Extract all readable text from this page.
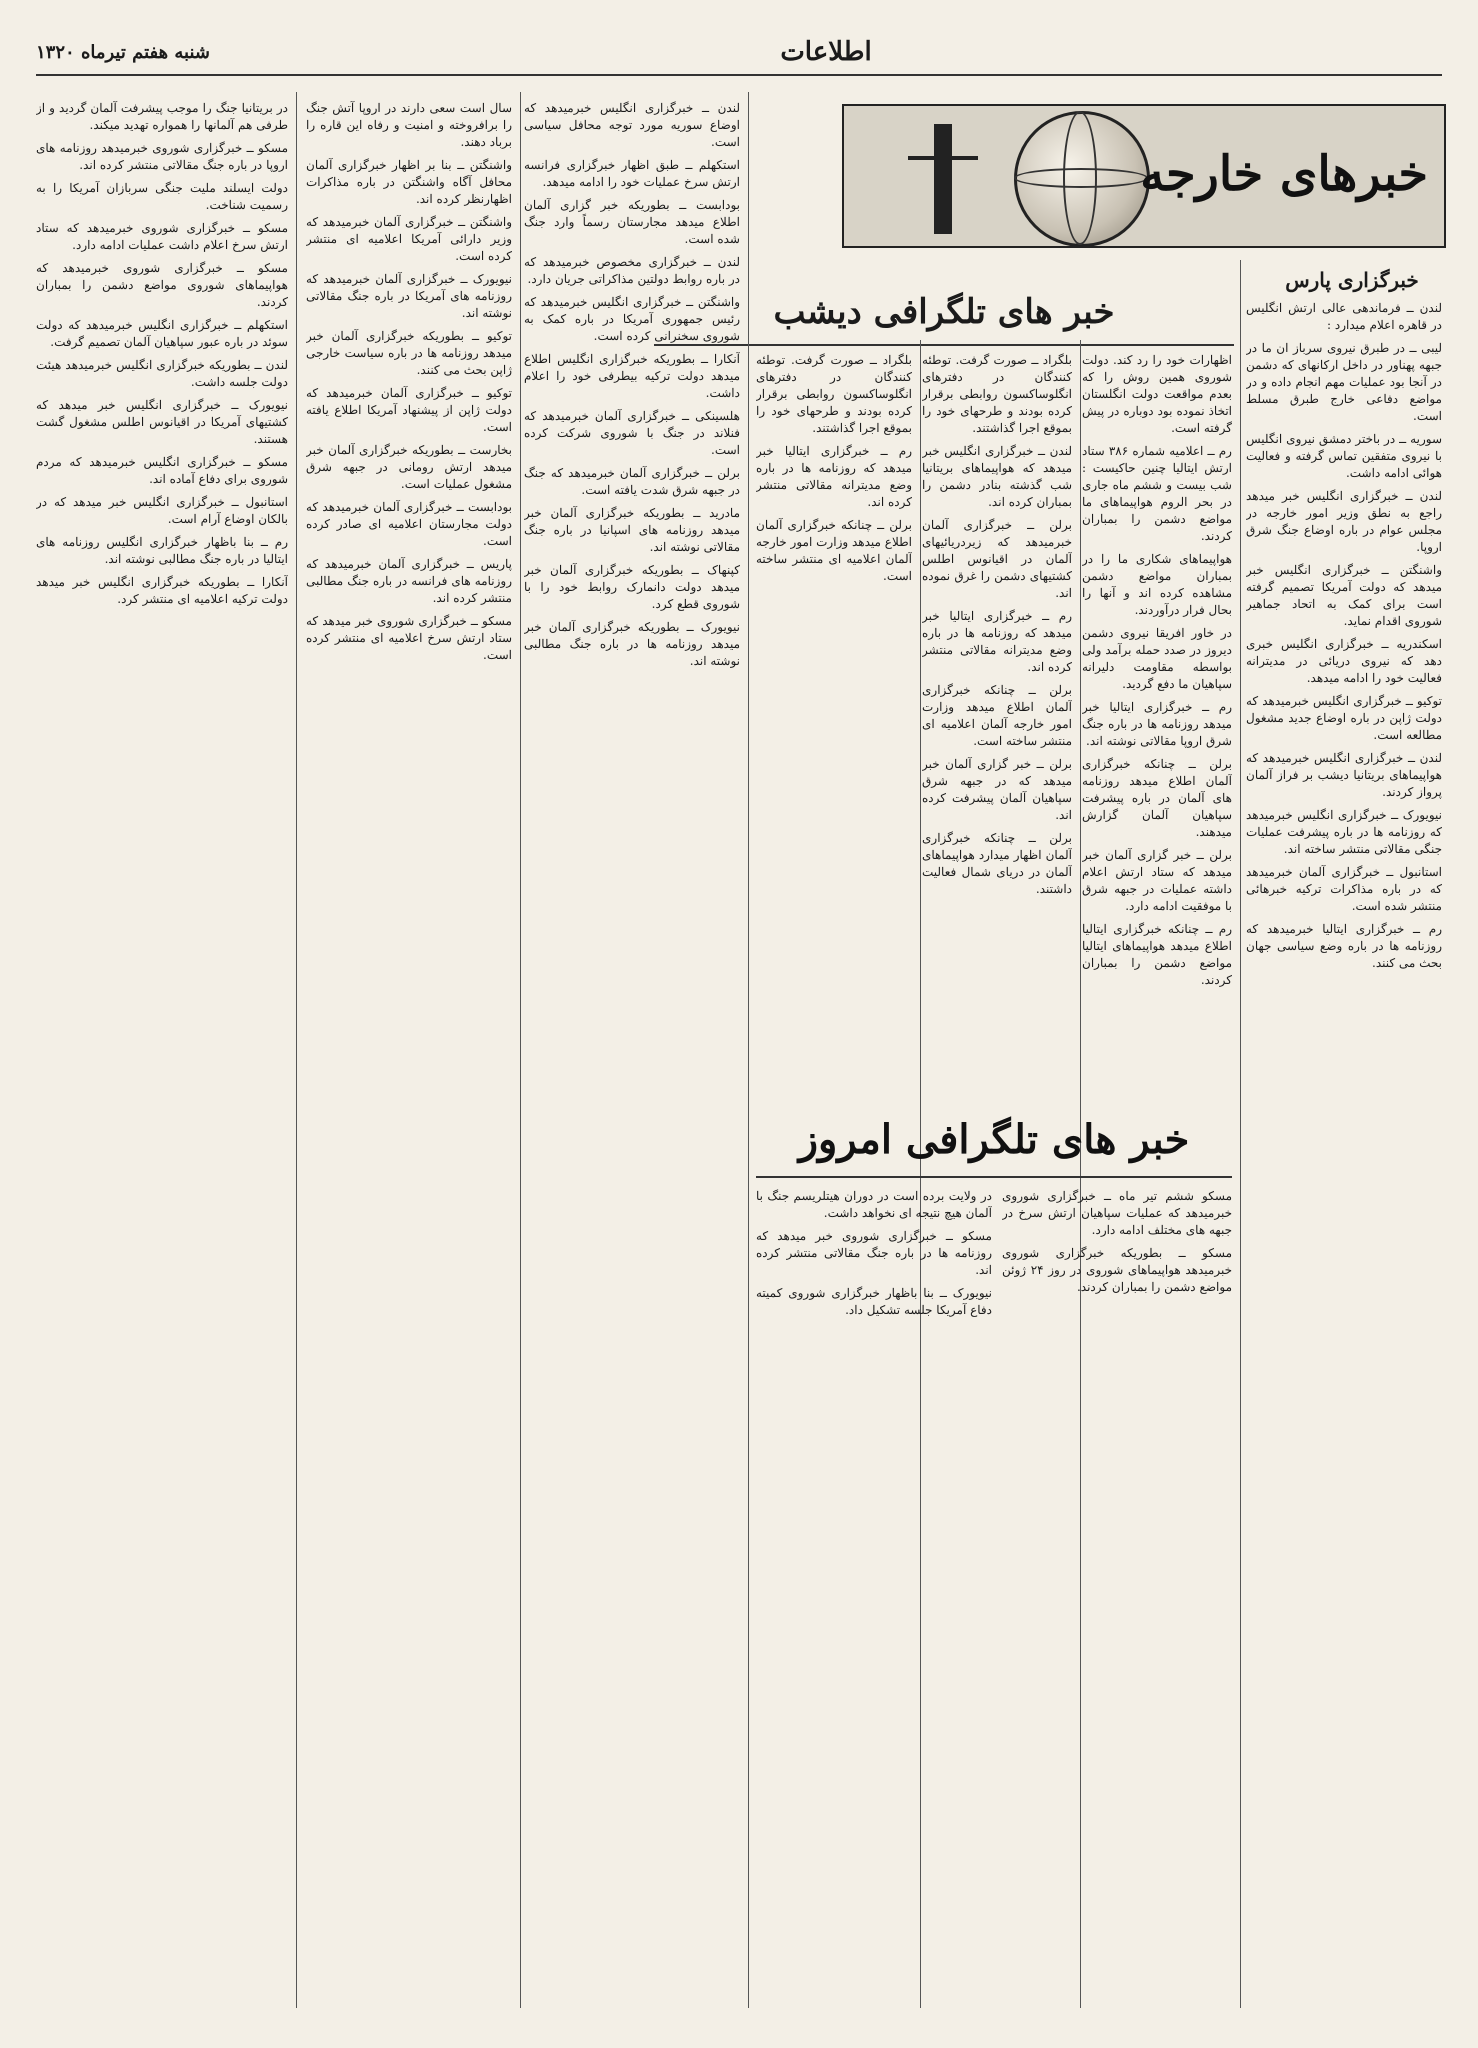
اطلاعات
شنبه هفتم تیرماه ۱۳۲۰
خبرهای خارجه
خبرگزاری پارس
خبر های تلگرافی دیشب	لندن ــ فرماندهی عالی ارتش انگلیس در قاهره اعلام میدارد :

لیبی ــ در طبرق نیروی سرباز ان ما در جبهه پهناور در داخل ارکانهای که دشمن در آنجا بود عملیات مهم انجام داده و در مواضع دفاعی خارج طبرق مسلط است.

سوریه ــ در باختر دمشق نیروی انگلیس با نیروی متفقین تماس گرفته و فعالیت هوائی ادامه داشت.

لندن ــ خبرگزاری انگلیس خبر میدهد راجع به نطق وزیر امور خارجه در مجلس عوام در باره اوضاع جنگ شرق اروپا.

واشنگتن ــ خبرگزاری انگلیس خبر میدهد که دولت آمریکا تصمیم گرفته است برای کمک به اتحاد جماهیر شوروی اقدام نماید.

اسکندریه ــ خبرگزاری انگلیس خبری دهد که نیروی دریائی در مدیترانه فعالیت خود را ادامه میدهد.

توکیو ــ خبرگزاری انگلیس خبرمیدهد که دولت ژاپن در باره اوضاع جدید مشغول مطالعه است.

لندن ــ خبرگزاری انگلیس خبرمیدهد که هواپیماهای بریتانیا دیشب بر فراز آلمان پرواز کردند.

نیویورک ــ خبرگزاری انگلیس خبرمیدهد که روزنامه ها در باره پیشرفت عملیات جنگی مقالاتی منتشر ساخته اند.

استانبول ــ خبرگزاری آلمان خبرمیدهد که در باره مذاکرات ترکیه خبرهائی منتشر شده است.

رم ــ خبرگزاری ایتالیا خبرمیدهد که روزنامه ها در باره وضع سیاسی جهان بحث می کنند.

اظهارات خود را رد کند. دولت شوروی همین روش را که بعدم مواقعت دولت انگلستان اتخاذ نموده بود دوباره در پیش گرفته است.

رم ــ اعلامیه شماره ۳۸۶ ستاد ارتش ایتالیا چنین حاکیست : شب بیست و ششم ماه جاری در بحر الروم هواپیماهای ما مواضع دشمن را بمباران کردند.

هواپیماهای شکاری ما را در بمباران مواضع دشمن مشاهده کرده اند و آنها را بحال فرار درآوردند.

در خاور افریقا نیروی دشمن دیروز در صدد حمله برآمد ولی بواسطه مقاومت دلیرانه سپاهیان ما دفع گردید.

رم ــ خبرگزاری ایتالیا خبر میدهد روزنامه ها در باره جنگ شرق اروپا مقالاتی نوشته اند.

برلن ــ چنانکه خبرگزاری آلمان اطلاع میدهد روزنامه های آلمان در باره پیشرفت سپاهیان آلمان گزارش میدهند.

برلن ــ خبر گزاری آلمان خبر میدهد که ستاد ارتش اعلام داشته عملیات در جبهه شرق با موفقیت ادامه دارد.

رم ــ چنانکه خبرگزاری ایتالیا اطلاع میدهد هواپیماهای ایتالیا مواضع دشمن را بمباران کردند.

بلگراد ــ صورت گرفت. توطئه کنندگان در دفترهای انگلوساکسون روابطی برقرار کرده بودند و طرحهای خود را بموقع اجرا گذاشتند.

لندن ــ خبرگزاری انگلیس خبر میدهد که هواپیماهای بریتانیا شب گذشته بنادر دشمن را بمباران کرده اند.

برلن ــ خبرگزاری آلمان خبرمیدهد که زیردریائیهای آلمان در اقیانوس اطلس کشتیهای دشمن را غرق نموده اند.

رم ــ خبرگزاری ایتالیا خبر میدهد که روزنامه ها در باره وضع مدیترانه مقالاتی منتشر کرده اند.

برلن ــ چنانکه خبرگزاری آلمان اطلاع میدهد وزارت امور خارجه آلمان اعلامیه ای منتشر ساخته است.

برلن ــ خبر گزاری آلمان خبر میدهد که در جبهه شرق سپاهیان آلمان پیشرفت کرده اند.

برلن ــ چنانکه خبرگزاری آلمان اظهار میدارد هواپیماهای آلمان در دریای شمال فعالیت داشتند.

بلگراد ــ صورت گرفت. توطئه کنندگان در دفترهای انگلوساکسون روابطی برقرار کرده بودند و طرحهای خود را بموقع اجرا گذاشتند.

رم ــ خبرگزاری ایتالیا خبر میدهد که روزنامه ها در باره وضع مدیترانه مقالاتی منتشر کرده اند.

برلن ــ چنانکه خبرگزاری آلمان اطلاع میدهد وزارت امور خارجه آلمان اعلامیه ای منتشر ساخته است.

خبر های تلگرافی امروز

مسکو ششم تیر ماه ــ خبرگزاری شوروی خبرمیدهد که عملیات سپاهیان ارتش سرخ در جبهه های مختلف ادامه دارد.

مسکو ــ بطوریکه خبرگزاری شوروی خبرمیدهد هواپیماهای شوروی در روز ۲۴ ژوئن مواضع دشمن را بمباران کردند.

در ولایت برده است در دوران هیتلریسم جنگ با آلمان هیچ نتیجه ای نخواهد داشت.

مسکو ــ خبرگزاری شوروی خبر میدهد که روزنامه ها در باره جنگ مقالاتی منتشر کرده اند.

نیویورک ــ بنا باظهار خبرگزاری شوروی کمیته دفاع آمریکا جلسه تشکیل داد.

لندن ــ خبرگزاری انگلیس خبرمیدهد که اوضاع سوریه مورد توجه محافل سیاسی است.

استکهلم ــ طبق اظهار خبرگزاری فرانسه ارتش سرخ عملیات خود را ادامه میدهد.

بودابست ــ بطوریکه خبر گزاری آلمان اطلاع میدهد مجارستان رسماً وارد جنگ شده است.

لندن ــ خبرگزاری مخصوص خبرمیدهد که در باره روابط دولتین مذاکراتی جریان دارد.

واشنگتن ــ خبرگزاری انگلیس خبرمیدهد که رئیس جمهوری آمریکا در باره کمک به شوروی سخنرانی کرده است.

آنکارا ــ بطوریکه خبرگزاری انگلیس اطلاع میدهد دولت ترکیه بیطرفی خود را اعلام داشت.

هلسینکی ــ خبرگزاری آلمان خبرمیدهد که فنلاند در جنگ با شوروی شرکت کرده است.

برلن ــ خبرگزاری آلمان خبرمیدهد که جنگ در جبهه شرق شدت یافته است.

مادرید ــ بطوریکه خبرگزاری آلمان خبر میدهد روزنامه های اسپانیا در باره جنگ مقالاتی نوشته اند.

کپنهاک ــ بطوریکه خبرگزاری آلمان خبر میدهد دولت دانمارک روابط خود را با شوروی قطع کرد.

نیویورک ــ بطوریکه خبرگزاری آلمان خبر میدهد روزنامه ها در باره جنگ مطالبی نوشته اند.

سال است سعی دارند در اروپا آتش جنگ را برافروخته و امنیت و رفاه این قاره را برباد دهند.

واشنگتن ــ بنا بر اظهار خبرگزاری آلمان محافل آگاه واشنگتن در باره مذاکرات اظهارنظر کرده اند.

واشنگتن ــ خبرگزاری آلمان خبرمیدهد که وزیر دارائی آمریکا اعلامیه ای منتشر کرده است.

نیویورک ــ خبرگزاری آلمان خبرمیدهد که روزنامه های آمریکا در باره جنگ مقالاتی نوشته اند.

توکیو ــ بطوریکه خبرگزاری آلمان خبر میدهد روزنامه ها در باره سیاست خارجی ژاپن بحث می کنند.

توکیو ــ خبرگزاری آلمان خبرمیدهد که دولت ژاپن از پیشنهاد آمریکا اطلاع یافته است.

بخارست ــ بطوریکه خبرگزاری آلمان خبر میدهد ارتش رومانی در جبهه شرق مشغول عملیات است.

بودابست ــ خبرگزاری آلمان خبرمیدهد که دولت مجارستان اعلامیه ای صادر کرده است.

پاریس ــ خبرگزاری آلمان خبرمیدهد که روزنامه های فرانسه در باره جنگ مطالبی منتشر کرده اند.

مسکو ــ خبرگزاری شوروی خبر میدهد که ستاد ارتش سرخ اعلامیه ای منتشر کرده است.

در بریتانیا جنگ را موجب پیشرفت آلمان گردید و از طرفی هم آلمانها را همواره تهدید میکند.

مسکو ــ خبرگزاری شوروی خبرمیدهد روزنامه های اروپا در باره جنگ مقالاتی منتشر کرده اند.

دولت ایسلند ملیت جنگی سربازان آمریکا را به رسمیت شناخت.

مسکو ــ خبرگزاری شوروی خبرمیدهد که ستاد ارتش سرخ اعلام داشت عملیات ادامه دارد.

مسکو ــ خبرگزاری شوروی خبرمیدهد که هواپیماهای شوروی مواضع دشمن را بمباران کردند.

استکهلم ــ خبرگزاری انگلیس خبرمیدهد که دولت سوئد در باره عبور سپاهیان آلمان تصمیم گرفت.

لندن ــ بطوریکه خبرگزاری انگلیس خبرمیدهد هیئت دولت جلسه داشت.

نیویورک ــ خبرگزاری انگلیس خبر میدهد که کشتیهای آمریکا در اقیانوس اطلس مشغول گشت هستند.

مسکو ــ خبرگزاری انگلیس خبرمیدهد که مردم شوروی برای دفاع آماده اند.

استانبول ــ خبرگزاری انگلیس خبر میدهد که در بالکان اوضاع آرام است.

رم ــ بنا باظهار خبرگزاری انگلیس روزنامه های ایتالیا در باره جنگ مطالبی نوشته اند.

آنکارا ــ بطوریکه خبرگزاری انگلیس خبر میدهد دولت ترکیه اعلامیه ای منتشر کرد.
